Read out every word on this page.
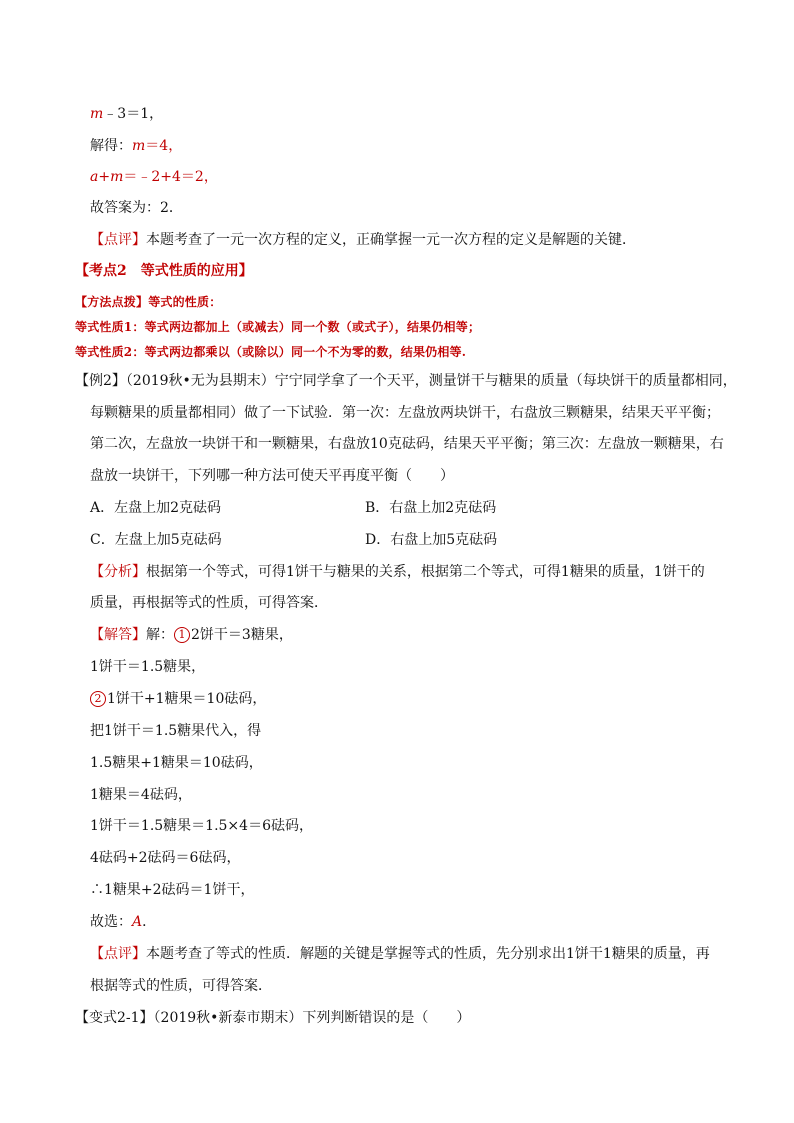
m﹣3＝1，
解得：m＝4，
a+m＝﹣2+4＝2，
故答案为：2．
【点评】本题考查了一元一次方程的定义，正确掌握一元一次方程的定义是解题的关键．
【考点2　等式性质的应用】
【方法点拨】等式的性质：
等式性质1：等式两边都加上（或减去）同一个数（或式子），结果仍相等；
等式性质2：等式两边都乘以（或除以）同一个不为零的数，结果仍相等.
【例2】（2019秋•无为县期末）宁宁同学拿了一个天平，测量饼干与糖果的质量（每块饼干的质量都相同，
每颗糖果的质量都相同）做了一下试验．第一次：左盘放两块饼干，右盘放三颗糖果，结果天平平衡；
第二次，左盘放一块饼干和一颗糖果，右盘放10克砝码，结果天平平衡；第三次：左盘放一颗糖果，右
盘放一块饼干，下列哪一种方法可使天平再度平衡（　　）
A．左盘上加2克砝码	B．右盘上加2克砝码
C．左盘上加5克砝码	D．右盘上加5克砝码
【分析】根据第一个等式，可得1饼干与糖果的关系，根据第二个等式，可得1糖果的质量，1饼干的
质量，再根据等式的性质，可得答案．
【解答】解： 1 2饼干＝3糖果，
1饼干＝1.5糖果，
2 1饼干+1糖果＝10砝码，
把1饼干＝1.5糖果代入，得
1.5糖果+1糖果＝10砝码，
1糖果＝4砝码，
1饼干＝1.5糖果＝1.5×4＝6砝码，
4砝码+2砝码＝6砝码，
∴1糖果+2砝码＝1饼干，
故选：A．
【点评】本题考查了等式的性质．解题的关键是掌握等式的性质，先分别求出1饼干1糖果的质量，再
根据等式的性质，可得答案．
【变式2-1】（2019秋•新泰市期末）下列判断错误的是（　　）
